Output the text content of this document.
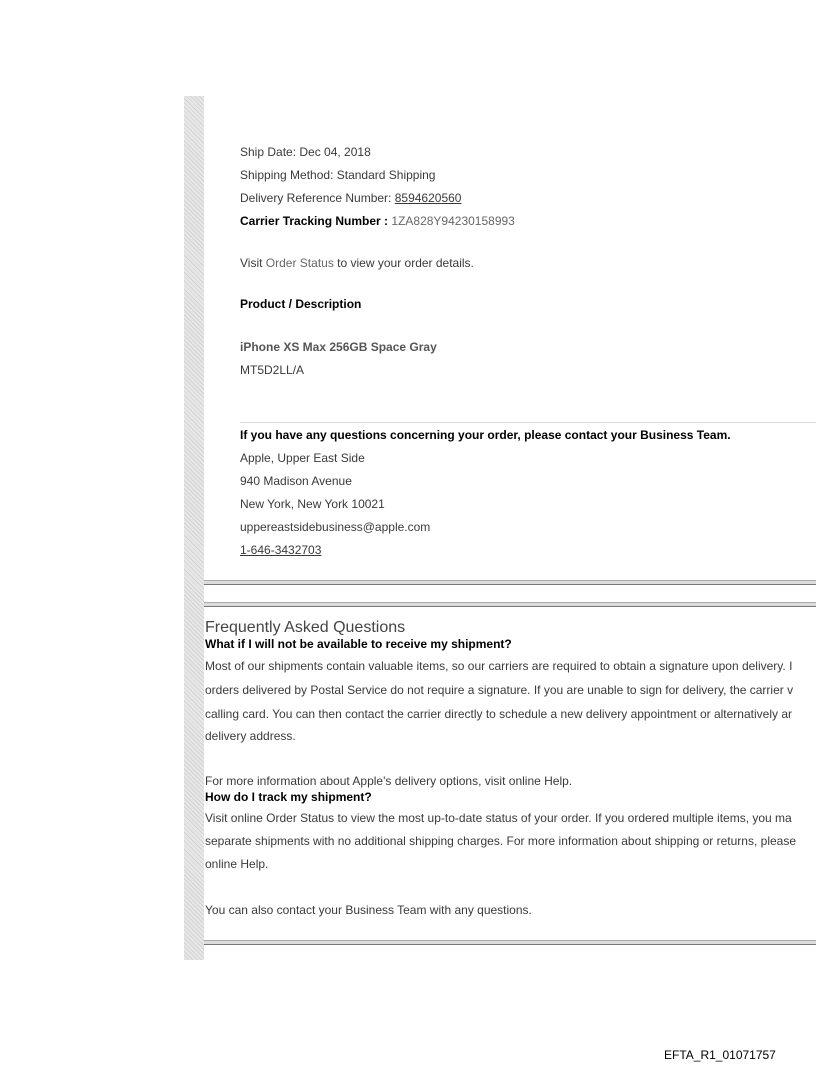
Ship Date: Dec 04, 2018
Shipping Method: Standard Shipping
Delivery Reference Number: 8594620560
Carrier Tracking Number : 1ZA828Y94230158993
Visit Order Status to view your order details.
Product / Description
iPhone XS Max 256GB Space Gray
MT5D2LL/A
If you have any questions concerning your order, please contact your Business Team.
Apple, Upper East Side
940 Madison Avenue
New York, New York 10021
uppereastsidebusiness@apple.com
1-646-3432703
Frequently Asked Questions
What if I will not be available to receive my shipment?
Most of our shipments contain valuable items, so our carriers are required to obtain a signature upon delivery. I
orders delivered by Postal Service do not require a signature. If you are unable to sign for delivery, the carrier v
calling card. You can then contact the carrier directly to schedule a new delivery appointment or alternatively ar
delivery address.
For more information about Apple's delivery options, visit online Help.
How do I track my shipment?
Visit online Order Status to view the most up-to-date status of your order. If you ordered multiple items, you ma
separate shipments with no additional shipping charges. For more information about shipping or returns, please
online Help.
You can also contact your Business Team with any questions.
EFTA_R1_01071757
